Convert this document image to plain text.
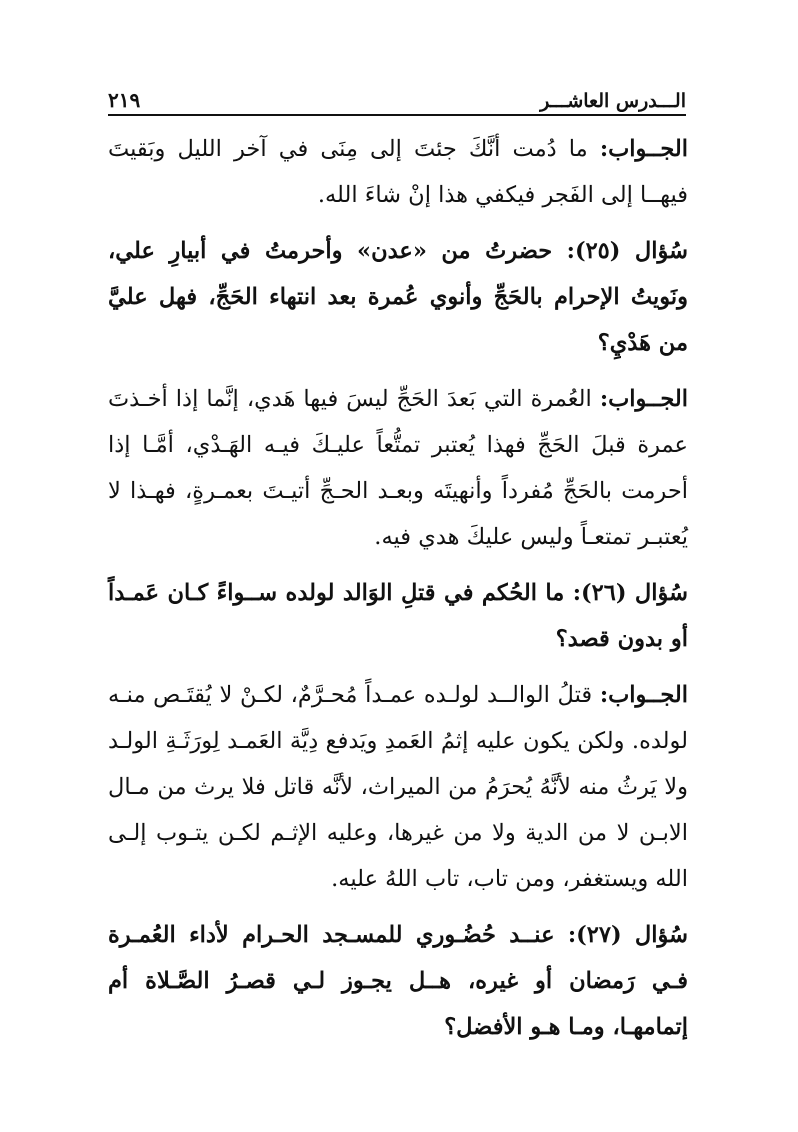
الـــدرس العاشـــر
٢١٩

الجــواب: ما دُمت أنَّكَ جئتَ إلى مِنَى في آخر الليل وبَقيتَ فيهــا إلى الفَجر فيكفي هذا إنْ شاءَ الله.

سُؤال (٢٥): حضرتُ من «عدن» وأحرمتُ في أبيارِ علي، ونَويتُ الإحرام بالحَجِّ وأنوي عُمرة بعد انتهاء الحَجِّ، فهل عليَّ من هَدْيِ؟

الجــواب: العُمرة التي بَعدَ الحَجِّ ليسَ فيها هَدي، إنَّما إذا أخـذتَ عمرة قبلَ الحَجِّ فهذا يُعتبر تمتُّعاً عليـكَ فيـه الهَـدْي، أمَّـا إذا أحرمت بالحَجِّ مُفرداً وأنهيتَه وبعـد الحـجِّ أتيـتَ بعمـرةٍ، فهـذا لا يُعتبـر تمتعـاً وليس عليكَ هدي فيه.

سُؤال (٢٦): ما الحُكم في قتلِ الوَالد لولده ســواءً كـان عَمـداً أو بدون قصد؟

الجــواب: قتلُ الوالــد لولـده عمـداً مُحـرَّمٌ، لكـنْ لا يُقتَـص منـه لولده. ولكن يكون عليه إثمُ العَمدِ ويَدفع دِيَّة العَمـد لِورَثَـةِ الولـد ولا يَرثُ منه لأنَّهُ يُحرَمُ من الميراث، لأنَّه قاتل فلا يرث من مـال الابـن لا من الدية ولا من غيرها، وعليه الإثـم لكـن يتـوب إلـى الله ويستغفر، ومن تاب، تاب اللهُ عليه.

سُؤال (٢٧): عنــد حُضُـوري للمسـجد الحـرام لأداء العُمـرة فـي رَمضان أو غيره، هــل يجـوز لـي قصـرُ الصَّـلاة أم إتمامهـا، ومـا هـو الأفضل؟
